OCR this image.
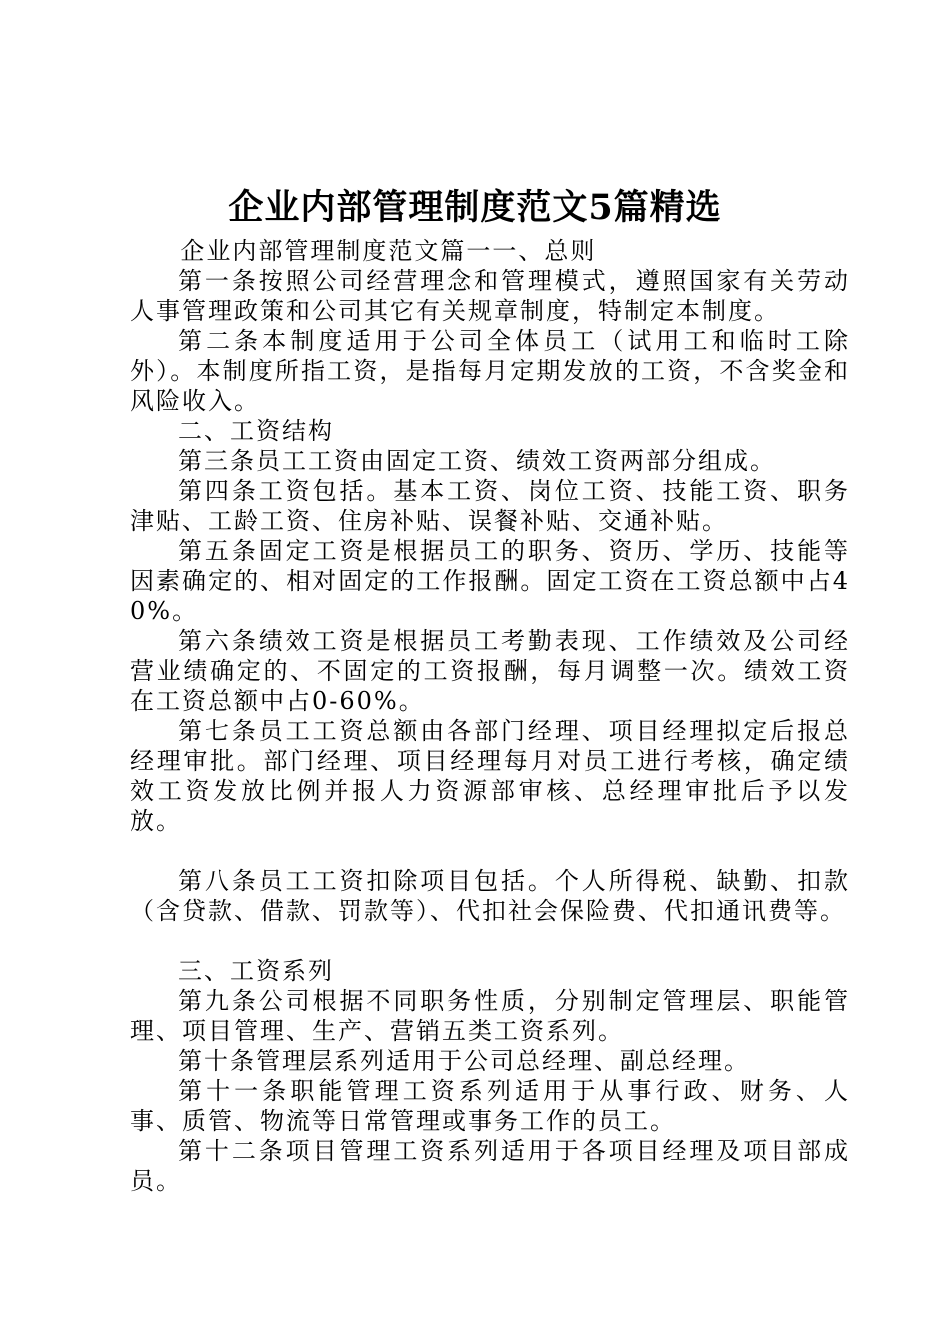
企业内部管理制度范文5篇精选

企业内部管理制度范文篇一一、总则

第一条按照公司经营理念和管理模式，遵照国家有关劳动人事管理政策和公司其它有关规章制度，特制定本制度。

第二条本制度适用于公司全体员工（试用工和临时工除外）。本制度所指工资，是指每月定期发放的工资，不含奖金和风险收入。

二、工资结构

第三条员工工资由固定工资、绩效工资两部分组成。

第四条工资包括。基本工资、岗位工资、技能工资、职务津贴、工龄工资、住房补贴、误餐补贴、交通补贴。

第五条固定工资是根据员工的职务、资历、学历、技能等因素确定的、相对固定的工作报酬。固定工资在工资总额中占40%。

第六条绩效工资是根据员工考勤表现、工作绩效及公司经营业绩确定的、不固定的工资报酬，每月调整一次。绩效工资在工资总额中占0-60%。

第七条员工工资总额由各部门经理、项目经理拟定后报总经理审批。部门经理、项目经理每月对员工进行考核，确定绩效工资发放比例并报人力资源部审核、总经理审批后予以发放。

第八条员工工资扣除项目包括。个人所得税、缺勤、扣款（含贷款、借款、罚款等）、代扣社会保险费、代扣通讯费等。

三、工资系列

第九条公司根据不同职务性质，分别制定管理层、职能管理、项目管理、生产、营销五类工资系列。

第十条管理层系列适用于公司总经理、副总经理。

第十一条职能管理工资系列适用于从事行政、财务、人事、质管、物流等日常管理或事务工作的员工。

第十二条项目管理工资系列适用于各项目经理及项目部成员。
